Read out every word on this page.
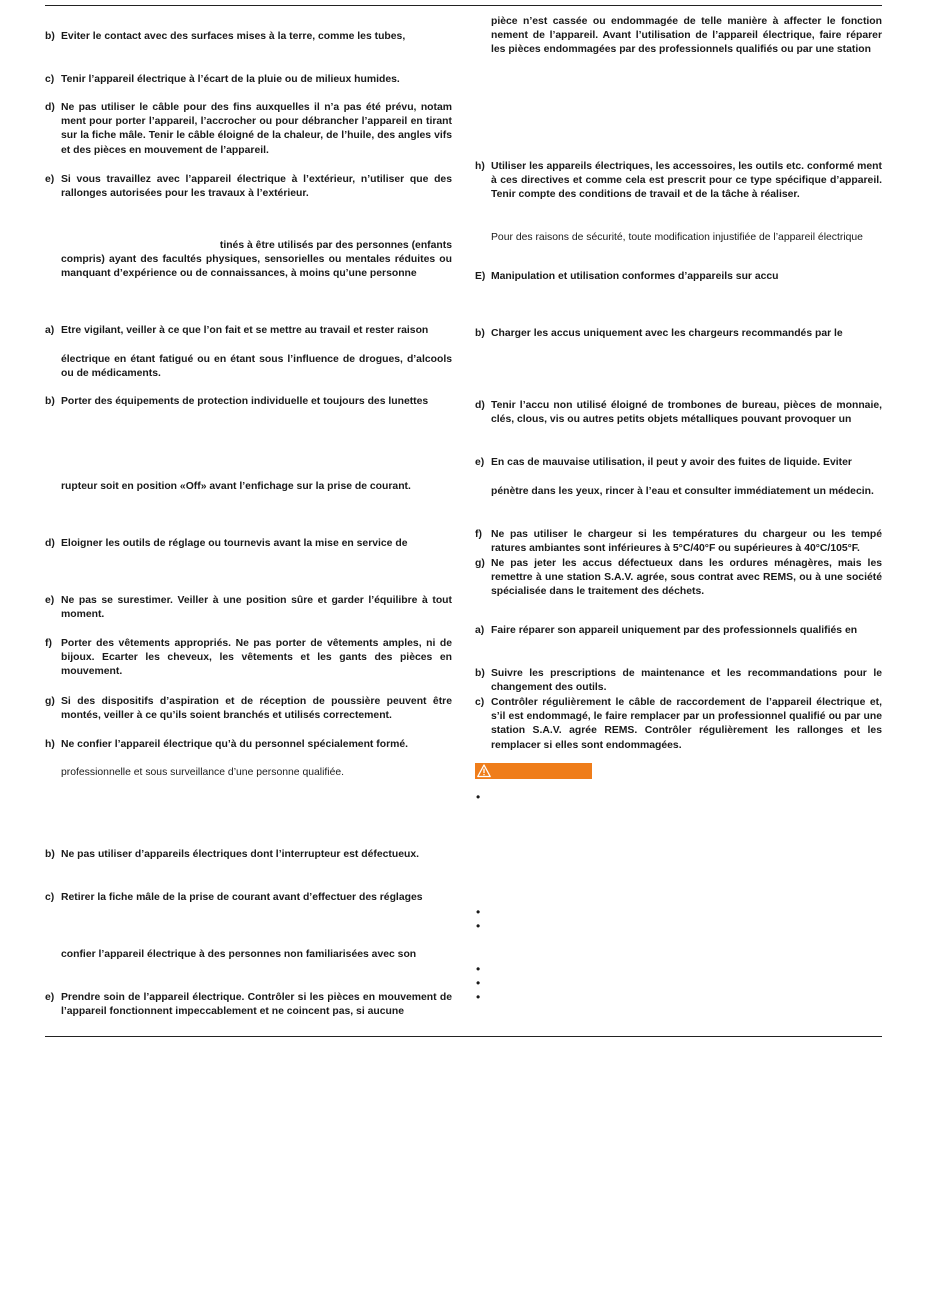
b) Eviter le contact avec des surfaces mises à la terre, comme les tubes,

c) Tenir l’appareil électrique à l’écart de la pluie ou de milieux humides.

d) Ne pas utiliser le câble pour des fins auxquelles il n’a pas été prévu, notam ment pour porter l’appareil, l’accrocher ou pour débrancher l’appareil en tirant sur la fiche mâle. Tenir le câble éloigné de la chaleur, de l’huile, des angles vifs et des pièces en mouvement de l’appareil.

e) Si vous travaillez avec l’appareil électrique à l’extérieur, n’utiliser que des rallonges autorisées pour les travaux à l’extérieur.

tinés à être utilisés par des personnes (enfants

compris) ayant des facultés physiques, sensorielles ou mentales réduites ou manquant d’expérience ou de connaissances, à moins qu’une personne

a) Etre vigilant, veiller à ce que l’on fait et se mettre au travail et rester raison

électrique en étant fatigué ou en étant sous l’influence de drogues, d’alcools ou de médicaments.

b) Porter des équipements de protection individuelle et toujours des lunettes

rupteur soit en position «Off» avant l’enfichage sur la prise de courant.

d) Eloigner les outils de réglage ou tournevis avant la mise en service de

e) Ne pas se surestimer. Veiller à une position sûre et garder l’équilibre à tout moment.

f) Porter des vêtements appropriés. Ne pas porter de vêtements amples, ni de bijoux. Ecarter les cheveux, les vêtements et les gants des pièces en mouvement.

g) Si des dispositifs d’aspiration et de réception de poussière peuvent être montés, veiller à ce qu’ils soient branchés et utilisés correctement.

h) Ne confier l’appareil électrique qu’à du personnel spécialement formé.

professionnelle et sous surveillance d’une personne qualifiée.

b) Ne pas utiliser d’appareils électriques dont l’interrupteur est défectueux.

c) Retirer la fiche mâle de la prise de courant avant d’effectuer des réglages

confier l’appareil électrique à des personnes non familiarisées avec son

e) Prendre soin de l’appareil électrique. Contrôler si les pièces en mouvement de l’appareil fonctionnent impeccablement et ne coincent pas, si aucune

pièce n’est cassée ou endommagée de telle manière à affecter le fonction nement de l’appareil. Avant l’utilisation de l’appareil électrique, faire réparer les pièces endommagées par des professionnels qualifiés ou par une station

h) Utiliser les appareils électriques, les accessoires, les outils etc. conformé ment à ces directives et comme cela est prescrit pour ce type spécifique d’appareil. Tenir compte des conditions de travail et de la tâche à réaliser.

Pour des raisons de sécurité, toute modification injustifiée de l’appareil électrique

E) Manipulation et utilisation conformes d’appareils sur accu

b) Charger les accus uniquement avec les chargeurs recommandés par le

d) Tenir l’accu non utilisé éloigné de trombones de bureau, pièces de monnaie, clés, clous, vis ou autres petits objets métalliques pouvant provoquer un

e) En cas de mauvaise utilisation, il peut y avoir des fuites de liquide. Eviter

pénètre dans les yeux, rincer à l’eau et consulter immédiatement un médecin.

f) Ne pas utiliser le chargeur si les températures du chargeur ou les tempé ratures ambiantes sont inférieures à 5°C/40°F ou supérieures à 40°C/105°F.

g) Ne pas jeter les accus défectueux dans les ordures ménagères, mais les remettre à une station S.A.V. agrée, sous contrat avec REMS, ou à une société spécialisée dans le traitement des déchets.

a) Faire réparer son appareil uniquement par des professionnels qualifiés en

b) Suivre les prescriptions de maintenance et les recommandations pour le changement des outils.

c) Contrôler régulièrement le câble de raccordement de l’appareil électrique et, s’il est endommagé, le faire remplacer par un professionnel qualifié ou par une station S.A.V. agrée REMS. Contrôler régulièrement les rallonges et les remplacer si elles sont endommagées.

•
•
•
•
•
•
